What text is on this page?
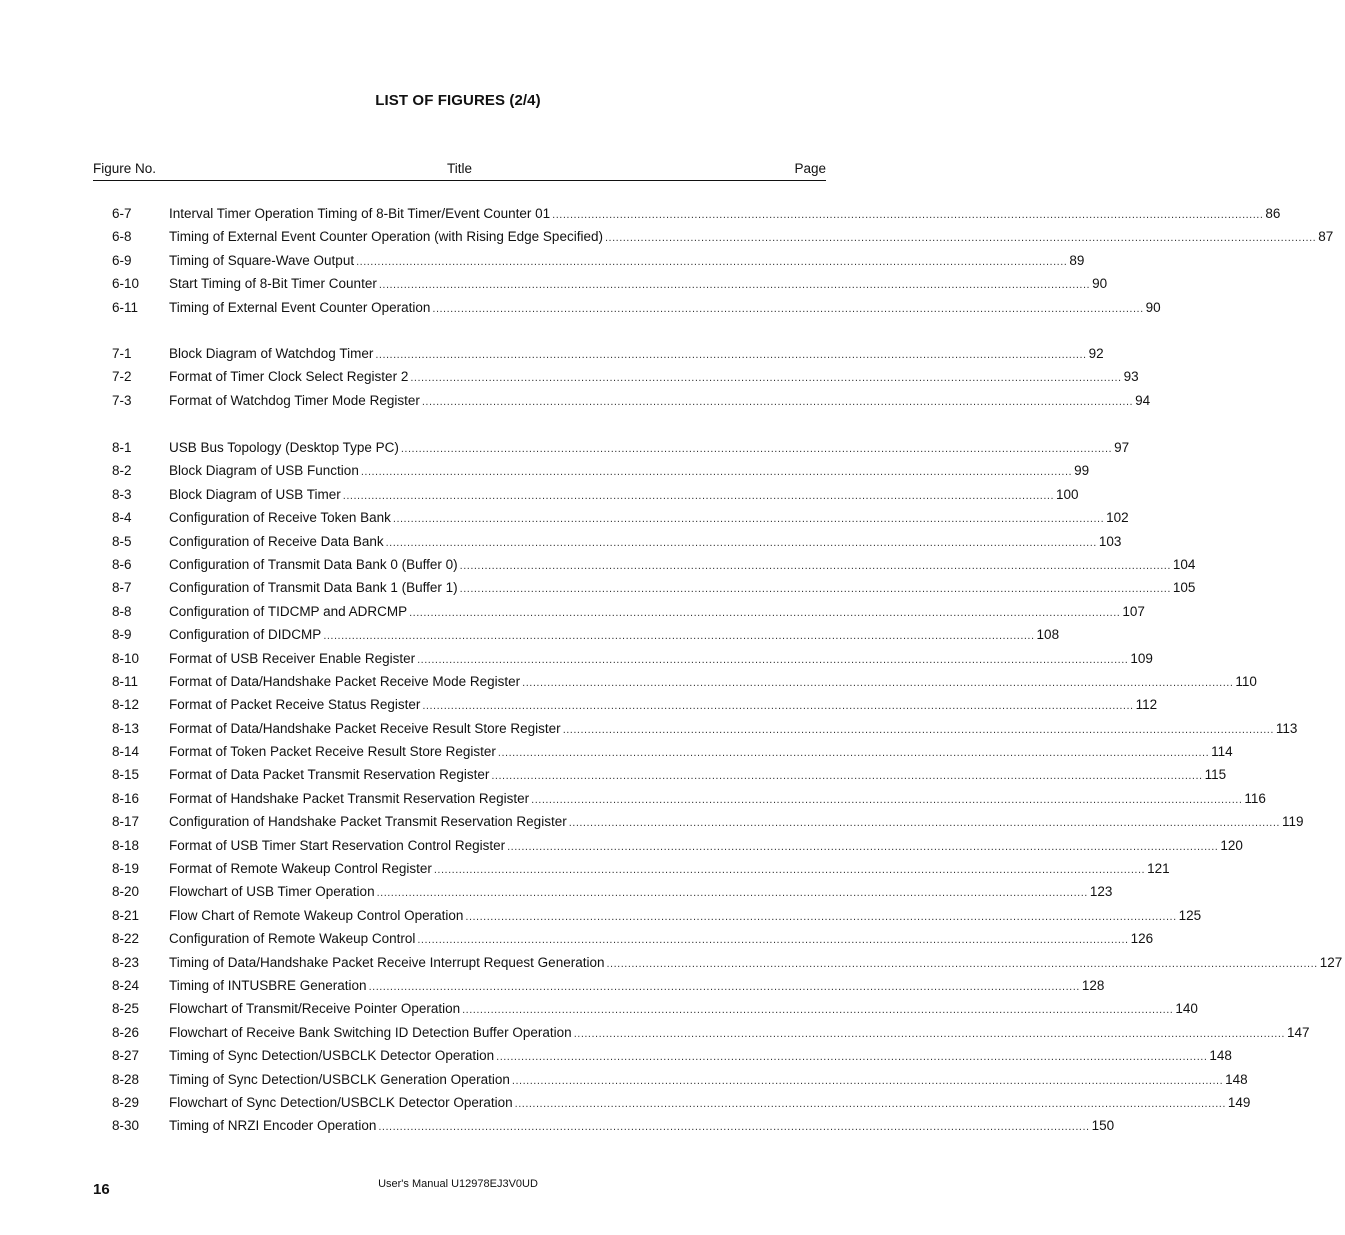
LIST OF FIGURES (2/4)
Figure No.	Title	Page
6-7	Interval Timer Operation Timing of 8-Bit Timer/Event Counter 01 ........................................................................................................................................................................................................ 86
6-8	Timing of External Event Counter Operation (with Rising Edge Specified) ........................................................................................................................................................................................................ 87
6-9	Timing of Square-Wave Output ........................................................................................................................................................................................................ 89
6-10	Start Timing of 8-Bit Timer Counter ........................................................................................................................................................................................................ 90
6-11	Timing of External Event Counter Operation ........................................................................................................................................................................................................ 90
7-1	Block Diagram of Watchdog Timer ........................................................................................................................................................................................................ 92
7-2	Format of Timer Clock Select Register 2 ........................................................................................................................................................................................................ 93
7-3	Format of Watchdog Timer Mode Register ........................................................................................................................................................................................................ 94
8-1	USB Bus Topology (Desktop Type PC) ........................................................................................................................................................................................................ 97
8-2	Block Diagram of USB Function ........................................................................................................................................................................................................ 99
8-3	Block Diagram of USB Timer ........................................................................................................................................................................................................ 100
8-4	Configuration of Receive Token Bank ........................................................................................................................................................................................................ 102
8-5	Configuration of Receive Data Bank ........................................................................................................................................................................................................ 103
8-6	Configuration of Transmit Data Bank 0 (Buffer 0) ........................................................................................................................................................................................................ 104
8-7	Configuration of Transmit Data Bank 1 (Buffer 1) ........................................................................................................................................................................................................ 105
8-8	Configuration of TIDCMP and ADRCMP ........................................................................................................................................................................................................ 107
8-9	Configuration of DIDCMP ........................................................................................................................................................................................................ 108
8-10	Format of USB Receiver Enable Register ........................................................................................................................................................................................................ 109
8-11	Format of Data/Handshake Packet Receive Mode Register ........................................................................................................................................................................................................ 110
8-12	Format of Packet Receive Status Register ........................................................................................................................................................................................................ 112
8-13	Format of Data/Handshake Packet Receive Result Store Register ........................................................................................................................................................................................................ 113
8-14	Format of Token Packet Receive Result Store Register ........................................................................................................................................................................................................ 114
8-15	Format of Data Packet Transmit Reservation Register ........................................................................................................................................................................................................ 115
8-16	Format of Handshake Packet Transmit Reservation Register ........................................................................................................................................................................................................ 116
8-17	Configuration of Handshake Packet Transmit Reservation Register ........................................................................................................................................................................................................ 119
8-18	Format of USB Timer Start Reservation Control Register ........................................................................................................................................................................................................ 120
8-19	Format of Remote Wakeup Control Register ........................................................................................................................................................................................................ 121
8-20	Flowchart of USB Timer Operation ........................................................................................................................................................................................................ 123
8-21	Flow Chart of Remote Wakeup Control Operation ........................................................................................................................................................................................................ 125
8-22	Configuration of Remote Wakeup Control ........................................................................................................................................................................................................ 126
8-23	Timing of Data/Handshake Packet Receive Interrupt Request Generation ........................................................................................................................................................................................................ 127
8-24	Timing of INTUSBRE Generation ........................................................................................................................................................................................................ 128
8-25	Flowchart of Transmit/Receive Pointer Operation ........................................................................................................................................................................................................ 140
8-26	Flowchart of Receive Bank Switching ID Detection Buffer Operation ........................................................................................................................................................................................................ 147
8-27	Timing of Sync Detection/USBCLK Detector Operation ........................................................................................................................................................................................................ 148
8-28	Timing of Sync Detection/USBCLK Generation Operation ........................................................................................................................................................................................................ 148
8-29	Flowchart of Sync Detection/USBCLK Detector Operation ........................................................................................................................................................................................................ 149
8-30	Timing of NRZI Encoder Operation ........................................................................................................................................................................................................ 150
16	User's Manual U12978EJ3V0UD
